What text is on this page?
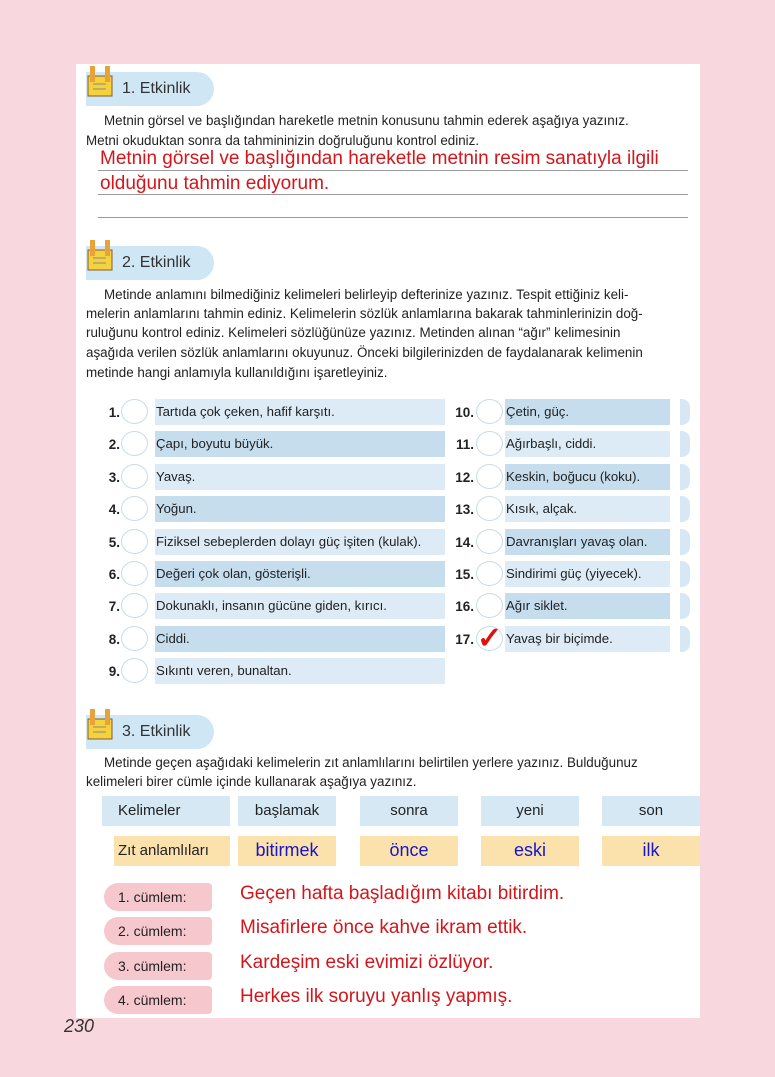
1. Etkinlik
Metnin görsel ve başlığından hareketle metnin konusunu tahmin ederek aşağıya yazınız.
Metni okuduktan sonra da tahmininizin doğruluğunu kontrol ediniz.
Metnin görsel ve başlığından hareketle metnin resim sanatıyla ilgili
olduğunu tahmin ediyorum.
2. Etkinlik
Metinde anlamını bilmediğiniz kelimeleri belirleyip defterinize yazınız. Tespit ettiğiniz keli-
melerin anlamlarını tahmin ediniz. Kelimelerin sözlük anlamlarına bakarak tahminlerinizin doğ-
ruluğunu kontrol ediniz. Kelimeleri sözlüğünüze yazınız. Metinden alınan “ağır” kelimesinin
aşağıda verilen sözlük anlamlarını okuyunuz. Önceki bilgilerinizden de faydalanarak kelimenin
metinde hangi anlamıyla kullanıldığını işaretleyiniz.
1.	Tartıda çok çeken, hafif karşıtı.
2.	Çapı, boyutu büyük.
3.	Yavaş.
4.	Yoğun.
5.	Fiziksel sebeplerden dolayı güç işiten (kulak).
6.	Değeri çok olan, gösterişli.
7.	Dokunaklı, insanın gücüne giden, kırıcı.
8.	Ciddi.
9.	Sıkıntı veren, bunaltan.
10. Çetin, güç.
11. Ağırbaşlı, ciddi.
12. Keskin, boğucu (koku).
13. Kısık, alçak.
14. Davranışları yavaş olan.
15. Sindirimi güç (yiyecek).
16. Ağır siklet.
17. Yavaş bir biçimde.
✓
3. Etkinlik
Metinde geçen aşağıdaki kelimelerin zıt anlamlılarını belirtilen yerlere yazınız. Bulduğunuz
kelimeleri birer cümle içinde kullanarak aşağıya yazınız.
Kelimeler	başlamak	sonra	yeni	son
Zıt anlamlıları	bitirmek	önce	eski	ilk
1. cümlem:	Geçen hafta başladığım kitabı bitirdim.
2. cümlem:	Misafirlere önce kahve ikram ettik.
3. cümlem:	Kardeşim eski evimizi özlüyor.
4. cümlem:	Herkes ilk soruyu yanlış yapmış.
230
